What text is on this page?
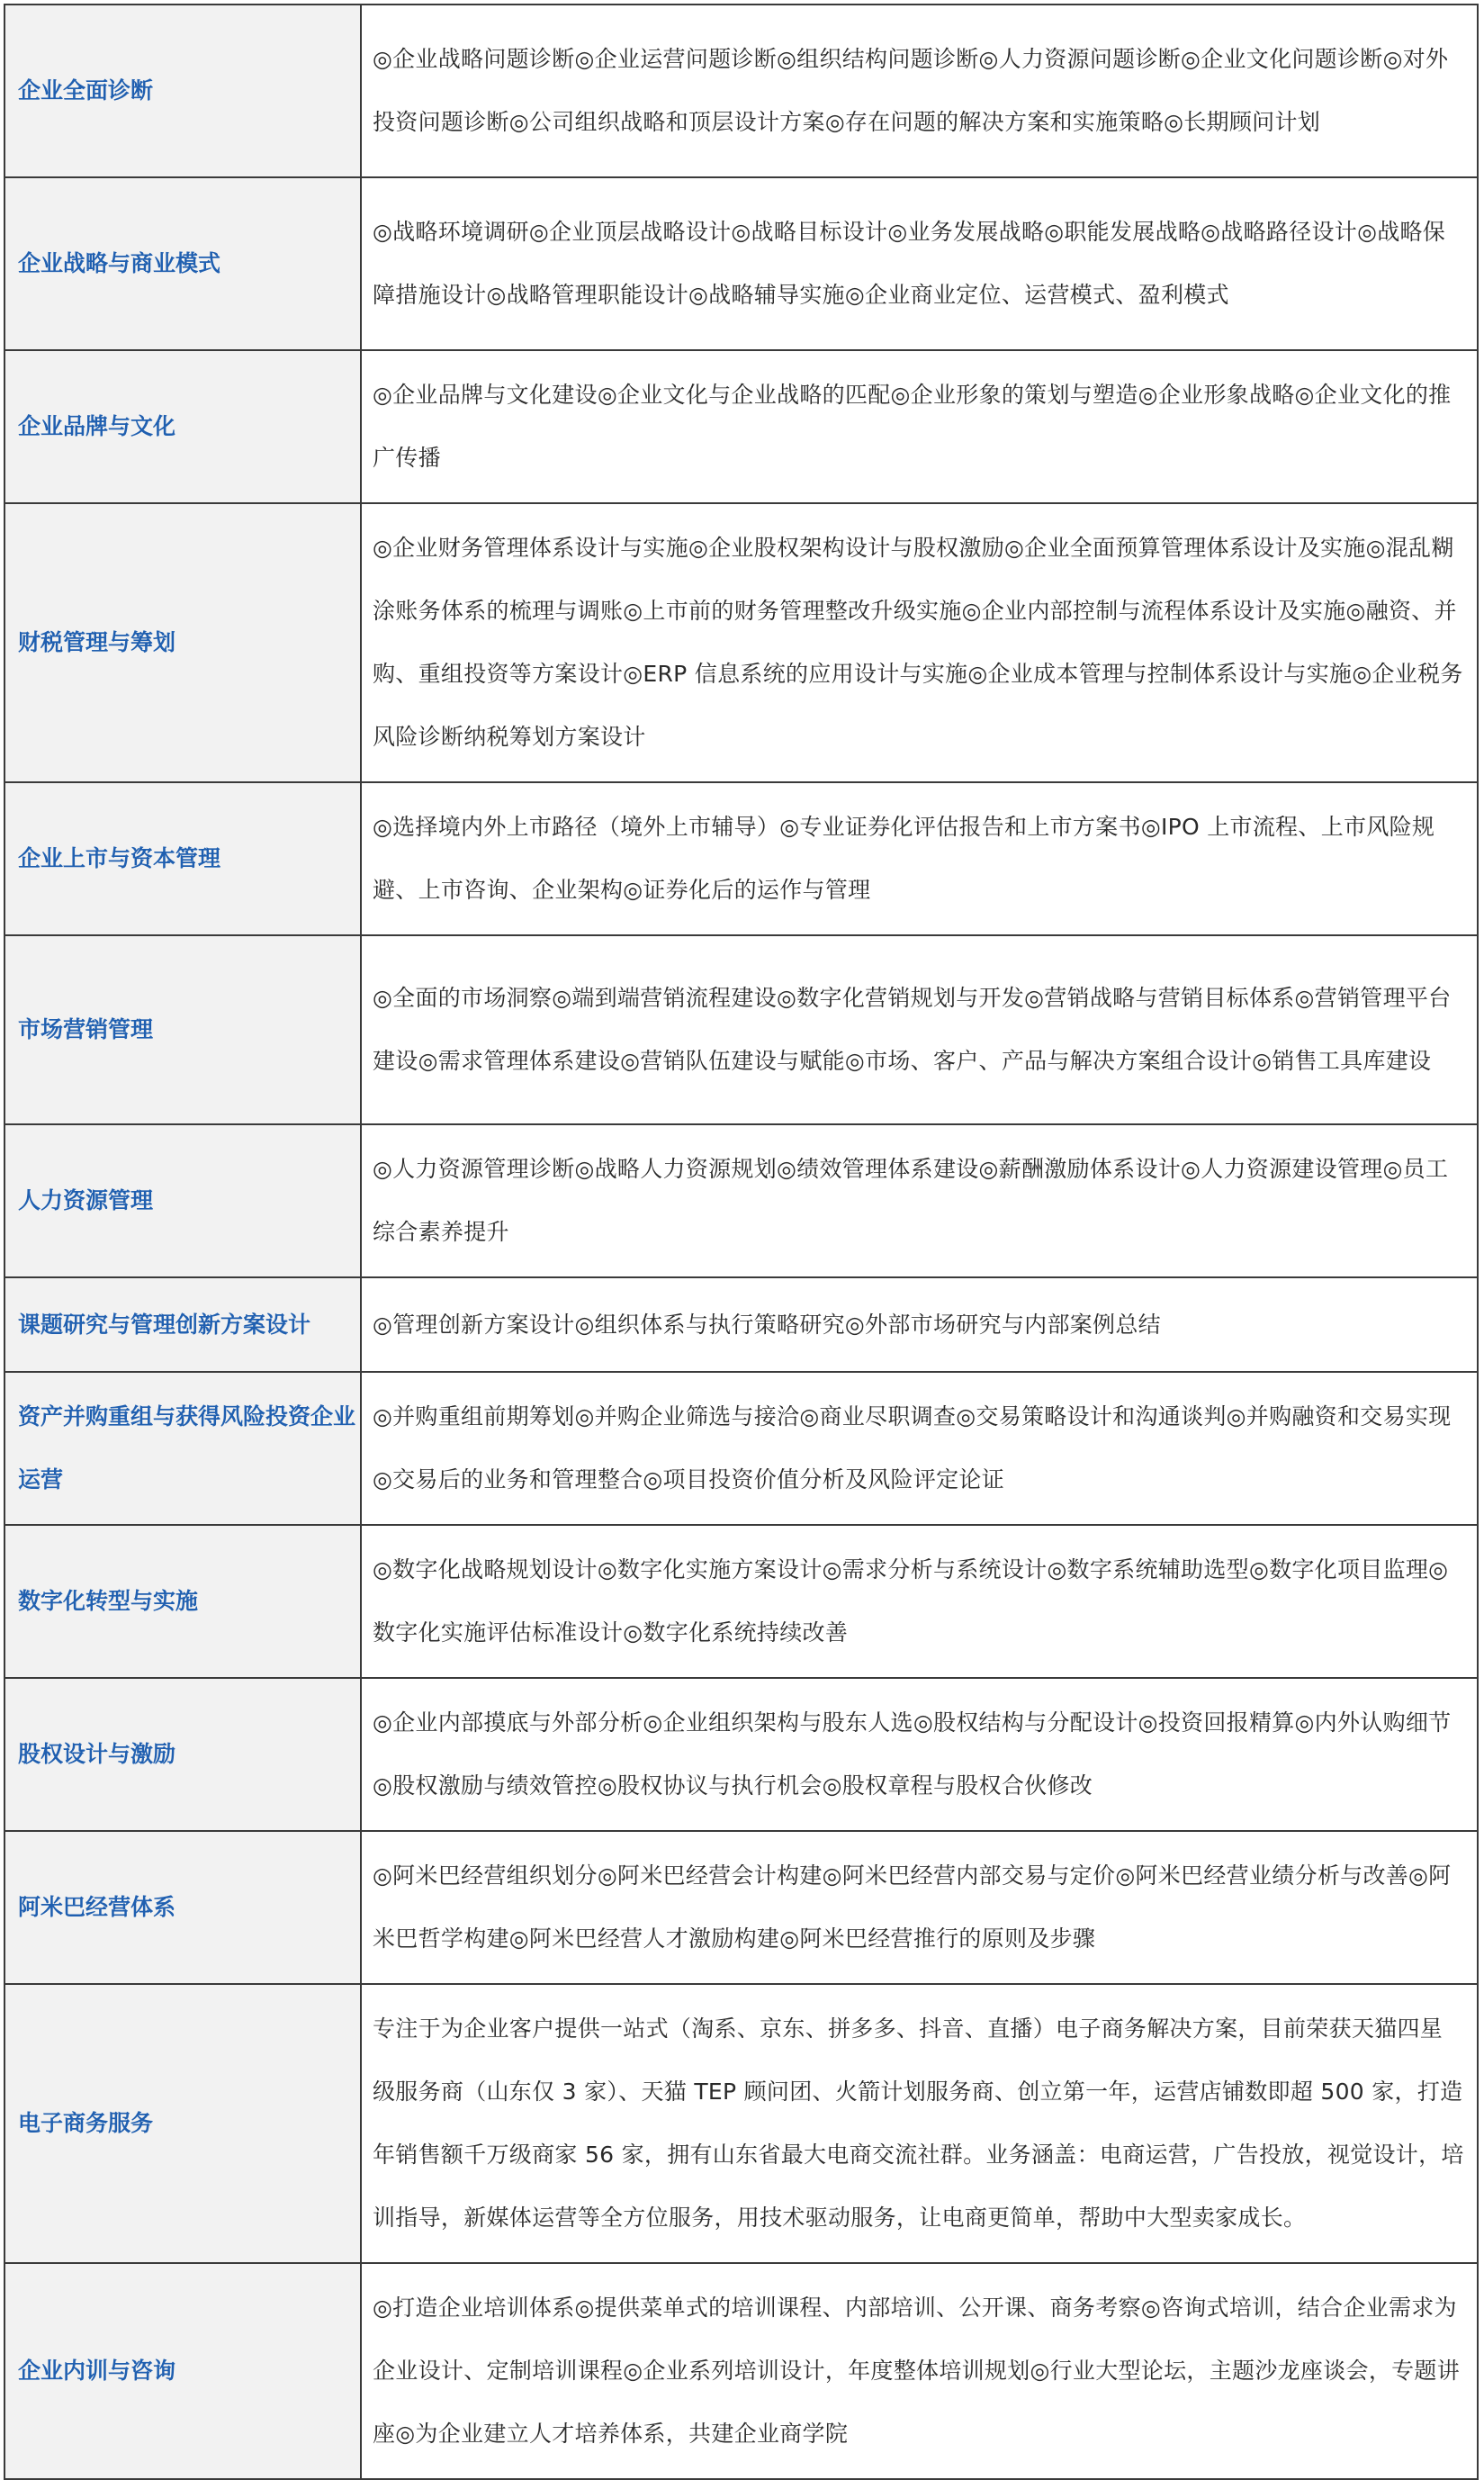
企业全面诊断	◎企业战略问题诊断◎企业运营问题诊断◎组织结构问题诊断◎人力资源问题诊断◎企业文化问题诊断◎对外投资问题诊断◎公司组织战略和顶层设计方案◎存在问题的解决方案和实施策略◎长期顾问计划
企业战略与商业模式	◎战略环境调研◎企业顶层战略设计◎战略目标设计◎业务发展战略◎职能发展战略◎战略路径设计◎战略保障措施设计◎战略管理职能设计◎战略辅导实施◎企业商业定位、运营模式、盈利模式
企业品牌与文化	◎企业品牌与文化建设◎企业文化与企业战略的匹配◎企业形象的策划与塑造◎企业形象战略◎企业文化的推广传播
财税管理与筹划	◎企业财务管理体系设计与实施◎企业股权架构设计与股权激励◎企业全面预算管理体系设计及实施◎混乱糊涂账务体系的梳理与调账◎上市前的财务管理整改升级实施◎企业内部控制与流程体系设计及实施◎融资、并购、重组投资等方案设计◎ERP 信息系统的应用设计与实施◎企业成本管理与控制体系设计与实施◎企业税务风险诊断纳税筹划方案设计
企业上市与资本管理	◎选择境内外上市路径（境外上市辅导）◎专业证券化评估报告和上市方案书◎IPO 上市流程、上市风险规避、上市咨询、企业架构◎证券化后的运作与管理
市场营销管理	◎全面的市场洞察◎端到端营销流程建设◎数字化营销规划与开发◎营销战略与营销目标体系◎营销管理平台建设◎需求管理体系建设◎营销队伍建设与赋能◎市场、客户、产品与解决方案组合设计◎销售工具库建设
人力资源管理	◎人力资源管理诊断◎战略人力资源规划◎绩效管理体系建设◎薪酬激励体系设计◎人力资源建设管理◎员工综合素养提升
课题研究与管理创新方案设计	◎管理创新方案设计◎组织体系与执行策略研究◎外部市场研究与内部案例总结
资产并购重组与获得风险投资企业运营	◎并购重组前期筹划◎并购企业筛选与接洽◎商业尽职调查◎交易策略设计和沟通谈判◎并购融资和交易实现◎交易后的业务和管理整合◎项目投资价值分析及风险评定论证
数字化转型与实施	◎数字化战略规划设计◎数字化实施方案设计◎需求分析与系统设计◎数字系统辅助选型◎数字化项目监理◎数字化实施评估标准设计◎数字化系统持续改善
股权设计与激励	◎企业内部摸底与外部分析◎企业组织架构与股东人选◎股权结构与分配设计◎投资回报精算◎内外认购细节◎股权激励与绩效管控◎股权协议与执行机会◎股权章程与股权合伙修改
阿米巴经营体系	◎阿米巴经营组织划分◎阿米巴经营会计构建◎阿米巴经营内部交易与定价◎阿米巴经营业绩分析与改善◎阿米巴哲学构建◎阿米巴经营人才激励构建◎阿米巴经营推行的原则及步骤
电子商务服务	专注于为企业客户提供一站式（淘系、京东、拼多多、抖音、直播）电子商务解决方案，目前荣获天猫四星级服务商（山东仅 3 家）、天猫 TEP 顾问团、火箭计划服务商、创立第一年，运营店铺数即超 500 家，打造年销售额千万级商家 56 家，拥有山东省最大电商交流社群。业务涵盖：电商运营，广告投放，视觉设计，培训指导，新媒体运营等全方位服务，用技术驱动服务，让电商更简单，帮助中大型卖家成长。
企业内训与咨询	◎打造企业培训体系◎提供菜单式的培训课程、内部培训、公开课、商务考察◎咨询式培训，结合企业需求为企业设计、定制培训课程◎企业系列培训设计，年度整体培训规划◎行业大型论坛，主题沙龙座谈会，专题讲座◎为企业建立人才培养体系，共建企业商学院
